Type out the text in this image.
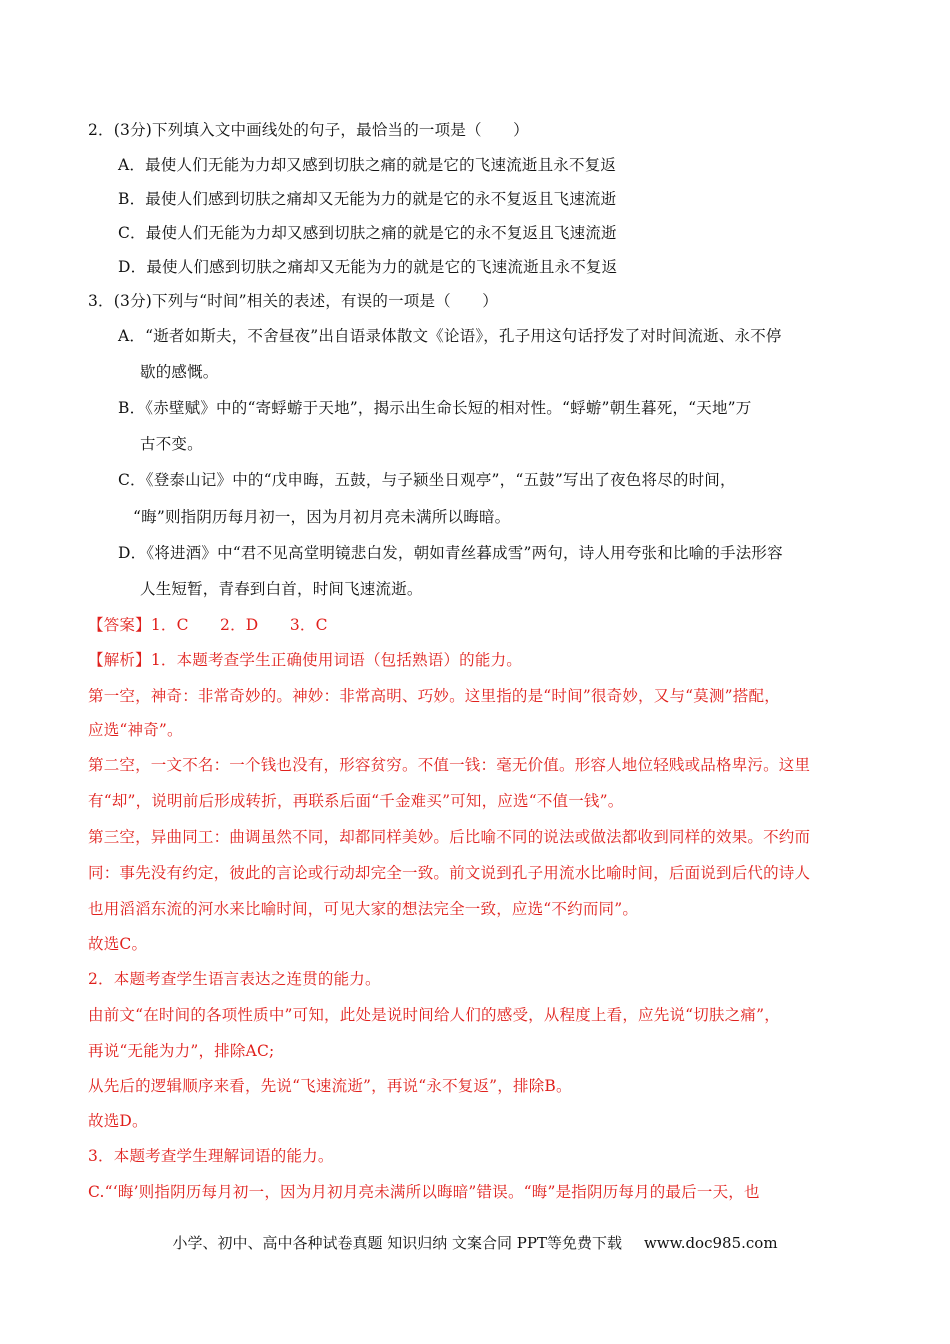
2．(3分)下列填入文中画线处的句子，最恰当的一项是（　　）
A．最使人们无能为力却又感到切肤之痛的就是它的飞速流逝且永不复返
B．最使人们感到切肤之痛却又无能为力的就是它的永不复返且飞速流逝
C．最使人们无能为力却又感到切肤之痛的就是它的永不复返且飞速流逝
D．最使人们感到切肤之痛却又无能为力的就是它的飞速流逝且永不复返
3．(3分)下列与“时间”相关的表述，有误的一项是（　　）
A．“逝者如斯夫，不舍昼夜”出自语录体散文《论语》，孔子用这句话抒发了对时间流逝、永不停
歇的感慨。
B．《赤壁赋》中的“寄蜉蝣于天地”，揭示出生命长短的相对性。“蜉蝣”朝生暮死，“天地”万
古不变。
C．《登泰山记》中的“戊申晦，五鼓，与子颍坐日观亭”，“五鼓”写出了夜色将尽的时间，
“晦”则指阴历每月初一，因为月初月亮未满所以晦暗。
D．《将进酒》中“君不见高堂明镜悲白发，朝如青丝暮成雪”两句，诗人用夸张和比喻的手法形容
人生短暂，青春到白首，时间飞速流逝。
【答案】1．C　　2．D　　3．C
【解析】1．本题考查学生正确使用词语（包括熟语）的能力。
第一空，神奇：非常奇妙的。神妙：非常高明、巧妙。这里指的是“时间”很奇妙，又与“莫测”搭配，
应选“神奇”。
第二空，一文不名：一个钱也没有，形容贫穷。不值一钱：毫无价值。形容人地位轻贱或品格卑污。这里
有“却”，说明前后形成转折，再联系后面“千金难买”可知，应选“不值一钱”。
第三空，异曲同工：曲调虽然不同，却都同样美妙。后比喻不同的说法或做法都收到同样的效果。不约而
同：事先没有约定，彼此的言论或行动却完全一致。前文说到孔子用流水比喻时间，后面说到后代的诗人
也用滔滔东流的河水来比喻时间，可见大家的想法完全一致，应选“不约而同”。
故选C。
2．本题考查学生语言表达之连贯的能力。
由前文“在时间的各项性质中”可知，此处是说时间给人们的感受，从程度上看，应先说“切肤之痛”，
再说“无能为力”，排除AC;
从先后的逻辑顺序来看，先说“飞速流逝”，再说“永不复返”，排除B。
故选D。
3．本题考查学生理解词语的能力。
C.“‘晦’则指阴历每月初一，因为月初月亮未满所以晦暗”错误。“晦”是指阴历每月的最后一天，也
小学、初中、高中各种试卷真题 知识归纳 文案合同 PPT等免费下载 www.doc985.com
